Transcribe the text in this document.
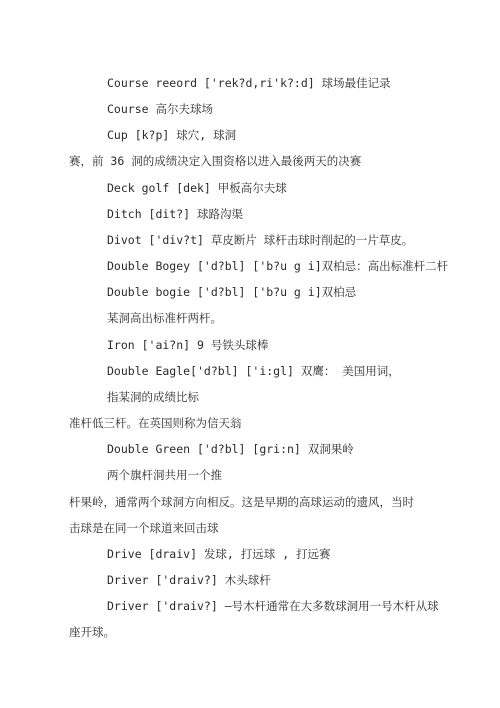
Course reeord ['rek?d,ri'k?:d] 球场最佳记录
Course 高尔夫球场
Cup [k?p] 球穴, 球洞
赛，前 36 洞的成绩决定入围资格以进入最後两天的决赛
Deck golf [dek] 甲板高尔夫球
Ditch [dit?] 球路沟渠
Divot ['div?t] 草皮断片 球杆击球时削起的一片草皮。
Double Bogey ['d?bl] ['b?u g i]双柏忌：高出标准杆二杆
Double bogie ['d?bl] ['b?u g i]双柏忌
某洞高出标准杆两杆。
Iron ['ai?n] 9 号铁头球棒
Double Eagle['d?bl] ['i:gl] 双鹰： 美国用词，
指某洞的成绩比标
准杆低三杆。在英国则称为信天翁
Double Green ['d?bl] [gri:n] 双洞果岭
两个旗杆洞共用一个推
杆果岭，通常两个球洞方向相反。这是早期的高球运动的遗风，当时
击球是在同一个球道来回击球
Drive [draiv] 发球, 打远球 , 打远赛
Driver ['draiv?] 木头球杆
Driver ['draiv?] —号木杆通常在大多数球洞用一号木杆从球
座开球。
